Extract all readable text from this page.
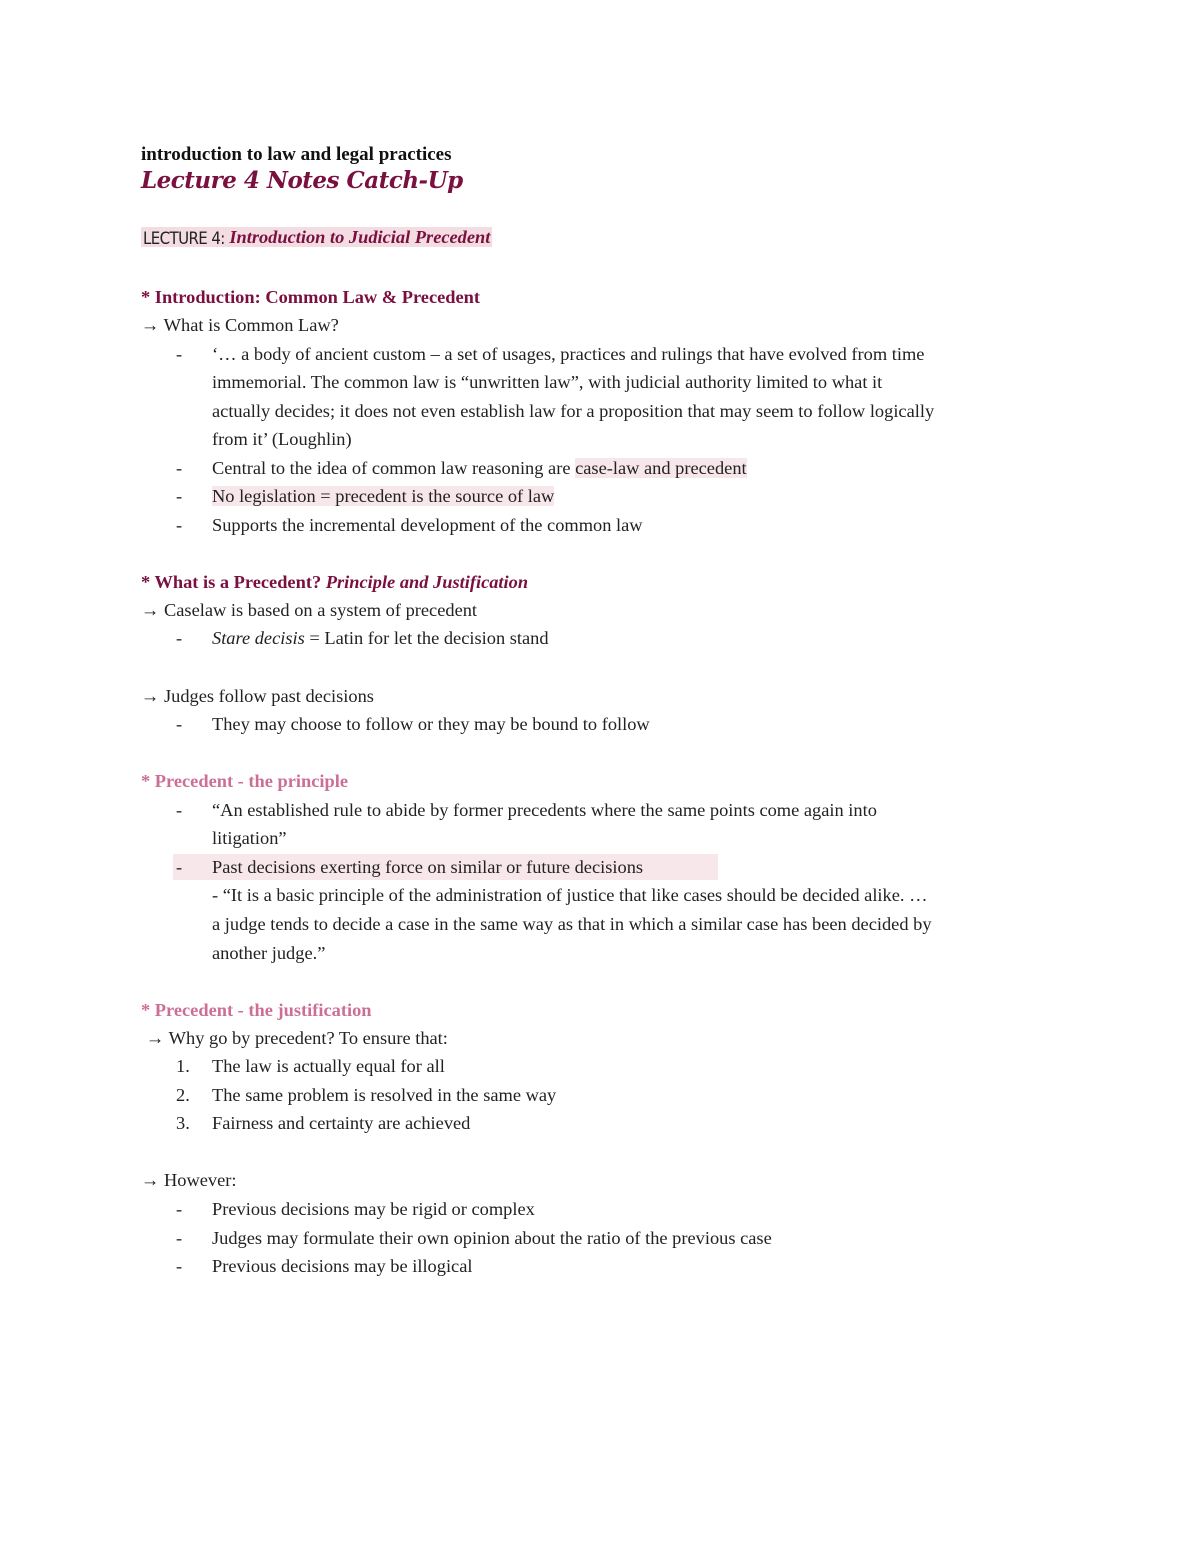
introduction to law and legal practices
Lecture 4 Notes Catch-Up
LECTURE 4: Introduction to Judicial Precedent
* Introduction: Common Law & Precedent
→ What is Common Law?
- ‘… a body of ancient custom – a set of usages, practices and rulings that have evolved from time
immemorial. The common law is “unwritten law”, with judicial authority limited to what it
actually decides; it does not even establish law for a proposition that may seem to follow logically
from it’ (Loughlin)
- Central to the idea of common law reasoning are case-law and precedent
- No legislation = precedent is the source of law
- Supports the incremental development of the common law
* What is a Precedent? Principle and Justification
→ Caselaw is based on a system of precedent
- Stare decisis = Latin for let the decision stand
→ Judges follow past decisions
- They may choose to follow or they may be bound to follow
* Precedent - the principle
- “An established rule to abide by former precedents where the same points come again into
litigation”
- Past decisions exerting force on similar or future decisions
- “It is a basic principle of the administration of justice that like cases should be decided alike. …
a judge tends to decide a case in the same way as that in which a similar case has been decided by
another judge.”
* Precedent - the justification
→ Why go by precedent? To ensure that:
1. The law is actually equal for all
2. The same problem is resolved in the same way
3. Fairness and certainty are achieved
→ However:
- Previous decisions may be rigid or complex
- Judges may formulate their own opinion about the ratio of the previous case
- Previous decisions may be illogical
